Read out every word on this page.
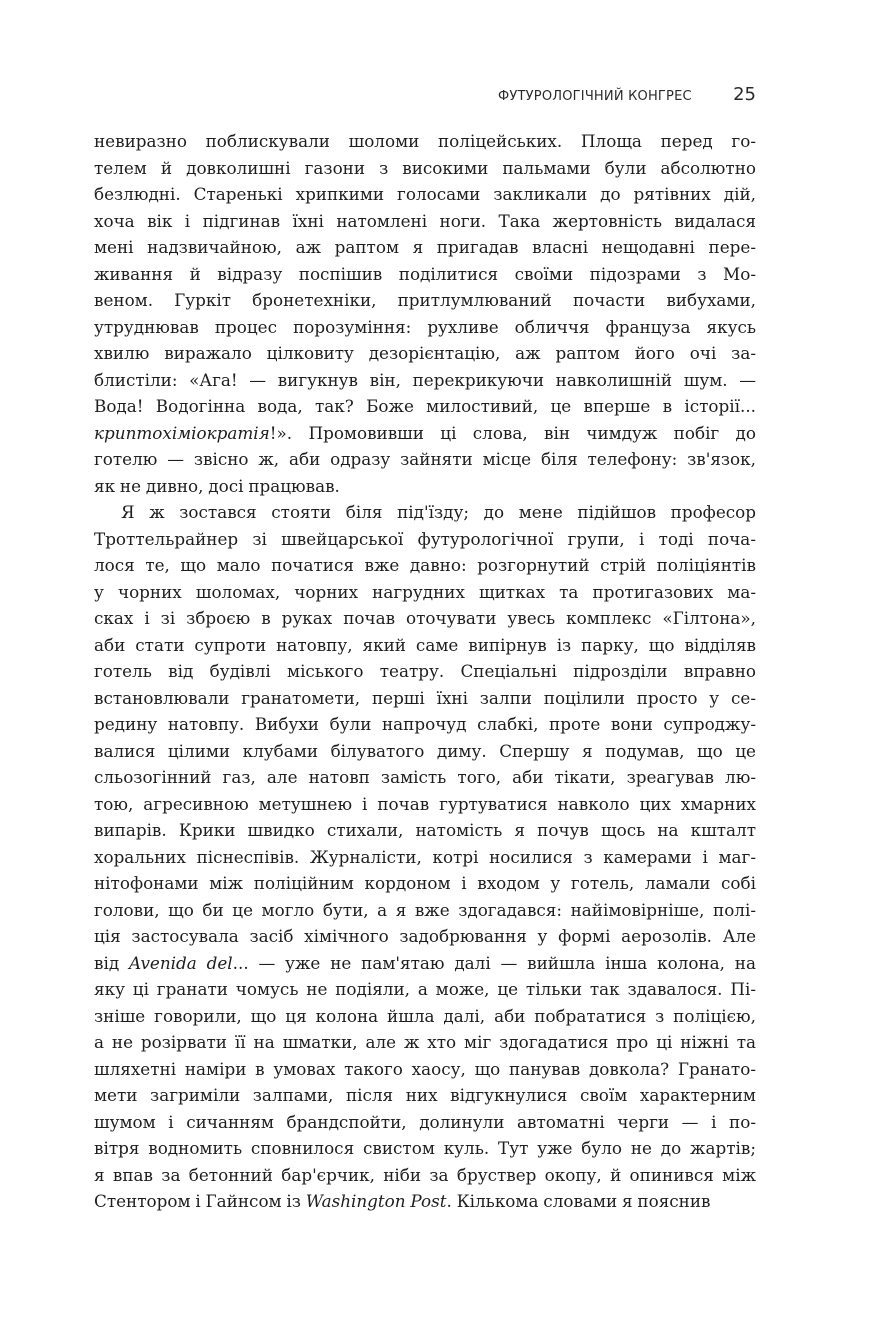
ФУТУРОЛОГІЧНИЙ КОНГРЕС 25
невиразно поблискували шоломи поліцейських. Площа перед го-
телем й довколишні газони з високими пальмами були абсолютно
безлюдні. Старенькі хрипкими голосами закликали до рятівних дій,
хоча вік і підгинав їхні натомлені ноги. Така жертовність видалася
мені надзвичайною, аж раптом я пригадав власні нещодавні пере-
живання й відразу поспішив поділитися своїми підозрами з Мо-
веном. Гуркіт бронетехніки, притлумлюваний почасти вибухами,
утруднював процес порозуміння: рухливе обличчя француза якусь
хвилю виражало цілковиту дезорієнтацію, аж раптом його очі за-
блистіли: «Ага! — вигукнув він, перекрикуючи навколишній шум. —
Вода! Водогінна вода, так? Боже милостивий, це вперше в історії...
криптохіміократія!». Промовивши ці слова, він чимдуж побіг до
готелю — звісно ж, аби одразу зайняти місце біля телефону: зв'язок,
як не дивно, досі працював.
Я ж зостався стояти біля під'їзду; до мене підійшов професор
Троттельрайнер зі швейцарської футурологічної групи, і тоді поча-
лося те, що мало початися вже давно: розгорнутий стрій поліціянтів
у чорних шоломах, чорних нагрудних щитках та протигазових ма-
сках і зі зброєю в руках почав оточувати увесь комплекс «Гілтона»,
аби стати супроти натовпу, який саме випірнув із парку, що відділяв
готель від будівлі міського театру. Спеціальні підрозділи вправно
встановлювали гранатомети, перші їхні залпи поцілили просто у се-
редину натовпу. Вибухи були напрочуд слабкі, проте вони супроджу-
валися цілими клубами білуватого диму. Спершу я подумав, що це
сльозогінний газ, але натовп замість того, аби тікати, зреагував лю-
тою, агресивною метушнею і почав гуртуватися навколо цих хмарних
випарів. Крики швидко стихали, натомість я почув щось на кшталт
хоральних піснеспівів. Журналісти, котрі носилися з камерами і маг-
нітофонами між поліційним кордоном і входом у готель, ламали собі
голови, що би це могло бути, а я вже здогадався: найімовірніше, полі-
ція застосувала засіб хімічного задобрювання у формі аерозолів. Але
від Avenida del... — уже не пам'ятаю далі — вийшла інша колона, на
яку ці гранати чомусь не подіяли, а може, це тільки так здавалося. Пі-
зніше говорили, що ця колона йшла далі, аби побрататися з поліцією,
а не розірвати її на шматки, але ж хто міг здогадатися про ці ніжні та
шляхетні наміри в умовах такого хаосу, що панував довкола? Гранато-
мети загриміли залпами, після них відгукнулися своїм характерним
шумом і сичанням брандспойти, долинули автоматні черги — і по-
вітря водномить сповнилося свистом куль. Тут уже було не до жартів;
я впав за бетонний бар'єрчик, ніби за бруствер окопу, й опинився між
Стентором і Гайнсом із Washington Post. Кількома словами я пояснив
